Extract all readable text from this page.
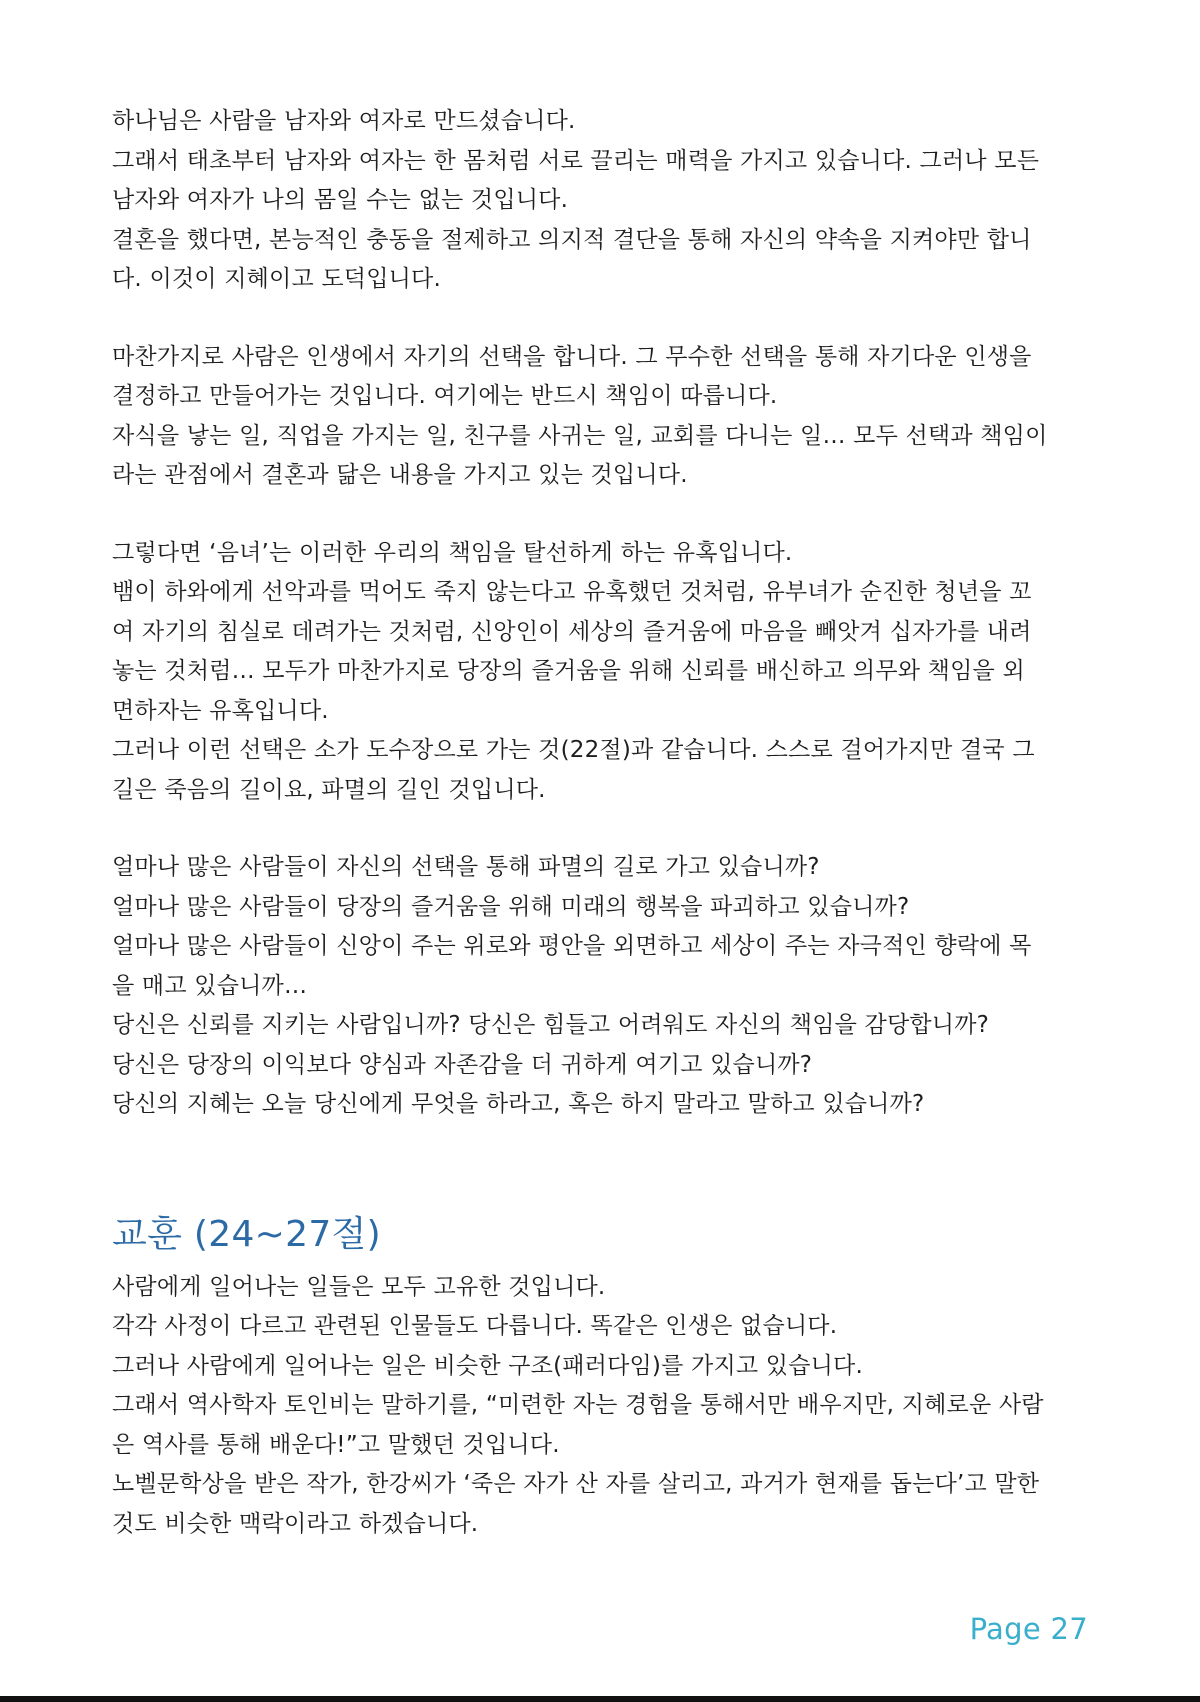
하나님은 사람을 남자와 여자로 만드셨습니다.
그래서 태초부터 남자와 여자는 한 몸처럼 서로 끌리는 매력을 가지고 있습니다. 그러나 모든
남자와 여자가 나의 몸일 수는 없는 것입니다.
결혼을 했다면, 본능적인 충동을 절제하고 의지적 결단을 통해 자신의 약속을 지켜야만 합니
다. 이것이 지혜이고 도덕입니다.
마찬가지로 사람은 인생에서 자기의 선택을 합니다. 그 무수한 선택을 통해 자기다운 인생을
결정하고 만들어가는 것입니다. 여기에는 반드시 책임이 따릅니다.
자식을 낳는 일, 직업을 가지는 일, 친구를 사귀는 일, 교회를 다니는 일… 모두 선택과 책임이
라는 관점에서 결혼과 닮은 내용을 가지고 있는 것입니다.
그렇다면 ‘음녀’는 이러한 우리의 책임을 탈선하게 하는 유혹입니다.
뱀이 하와에게 선악과를 먹어도 죽지 않는다고 유혹했던 것처럼, 유부녀가 순진한 청년을 꼬
여 자기의 침실로 데려가는 것처럼, 신앙인이 세상의 즐거움에 마음을 빼앗겨 십자가를 내려
놓는 것처럼… 모두가 마찬가지로 당장의 즐거움을 위해 신뢰를 배신하고 의무와 책임을 외
면하자는 유혹입니다.
그러나 이런 선택은 소가 도수장으로 가는 것(22절)과 같습니다. 스스로 걸어가지만 결국 그
길은 죽음의 길이요, 파멸의 길인 것입니다.
얼마나 많은 사람들이 자신의 선택을 통해 파멸의 길로 가고 있습니까?
얼마나 많은 사람들이 당장의 즐거움을 위해 미래의 행복을 파괴하고 있습니까?
얼마나 많은 사람들이 신앙이 주는 위로와 평안을 외면하고 세상이 주는 자극적인 향락에 목
을 매고 있습니까…
당신은 신뢰를 지키는 사람입니까? 당신은 힘들고 어려워도 자신의 책임을 감당합니까?
당신은 당장의 이익보다 양심과 자존감을 더 귀하게 여기고 있습니까?
당신의 지혜는 오늘 당신에게 무엇을 하라고, 혹은 하지 말라고 말하고 있습니까?
교훈 (24~27절)
사람에게 일어나는 일들은 모두 고유한 것입니다.
각각 사정이 다르고 관련된 인물들도 다릅니다. 똑같은 인생은 없습니다.
그러나 사람에게 일어나는 일은 비슷한 구조(패러다임)를 가지고 있습니다.
그래서 역사학자 토인비는 말하기를, “미련한 자는 경험을 통해서만 배우지만, 지혜로운 사람
은 역사를 통해 배운다!”고 말했던 것입니다.
노벨문학상을 받은 작가, 한강씨가 ‘죽은 자가 산 자를 살리고, 과거가 현재를 돕는다’고 말한
것도 비슷한 맥락이라고 하겠습니다.
Page 27
